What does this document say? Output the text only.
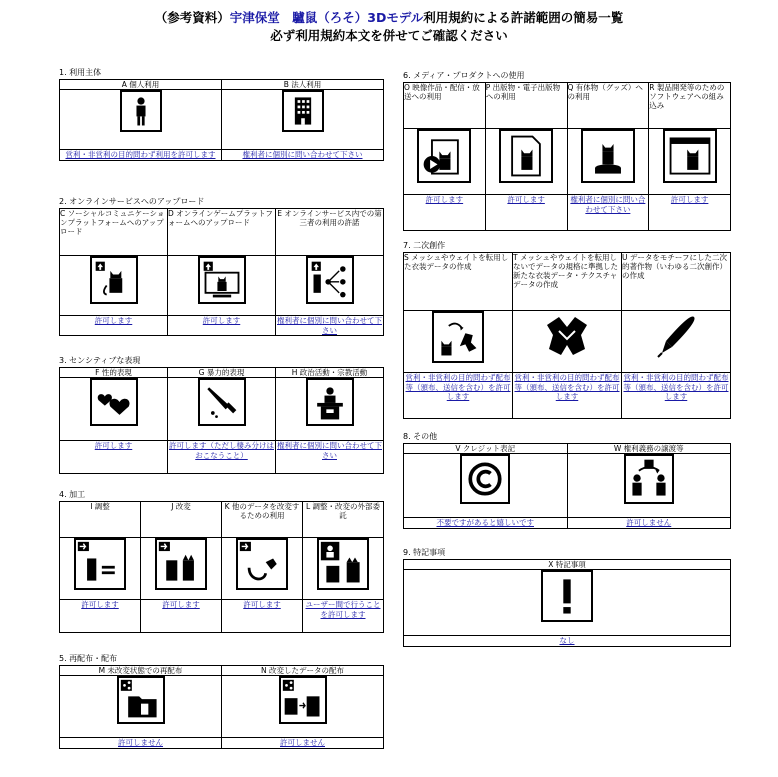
（参考資料）宇津保堂　驢鼠（ろそ）3Dモデル利用規約による許諾範囲の簡易一覧
必ず利用規約本文を併せてご確認ください
1. 利用主体
A 個人利用	B 法人利用

営利・非営利の目的問わず利用を許可します	権利者に個別に問い合わせて下さい
2. オンラインサービスへのアップロード
C ソーシャルコミュニケーションプラットフォームへのアップロード	D オンラインゲームプラットフォームへのアップロード	E オンラインサービス内での第三者の利用の許諾

許可します	許可します	権利者に個別に問い合わせて下さい
3. センシティブな表現
F 性的表現	G 暴力的表現	H 政治活動・宗教活動

許可します	許可します（ただし棲み分けはおこなうこと）	権利者に個別に問い合わせて下さい
4. 加工
I 調整	J 改変	K 他のデータを改変するための利用	L 調整・改変の外部委託

許可します	許可します	許可します	ユーザー間で行うことを許可します
5. 再配布・配布
M 未改変状態での再配布	N 改変したデータの配布

許可しません	許可しません
6. メディア・プロダクトへの使用
O 映像作品・配信・放送への利用	P 出版物・電子出版物への利用	Q 有体物（グッズ）への利用	R 製品開発等のためのソフトウェアへの組み込み

許可します	許可します	権利者に個別に問い合わせて下さい	許可します
7. 二次創作
S メッシュやウェイトを転用した衣装データの作成	T メッシュやウェイトを転用しないでデータの規格に準拠した新たな衣装データ・テクスチャデータの作成	U データをモチーフにした二次的著作物（いわゆる二次創作）の作成

営利・非営利の目的問わず配布等（頒布、送信を含む）を許可します	営利・非営利の目的問わず配布等（頒布、送信を含む）を許可します	営利・非営利の目的問わず配布等（頒布、送信を含む）を許可します
8. その他
V クレジット表記	W 権利義務の譲渡等

不要ですがあると嬉しいです	許可しません
9. 特記事項
X 特記事項

なし
